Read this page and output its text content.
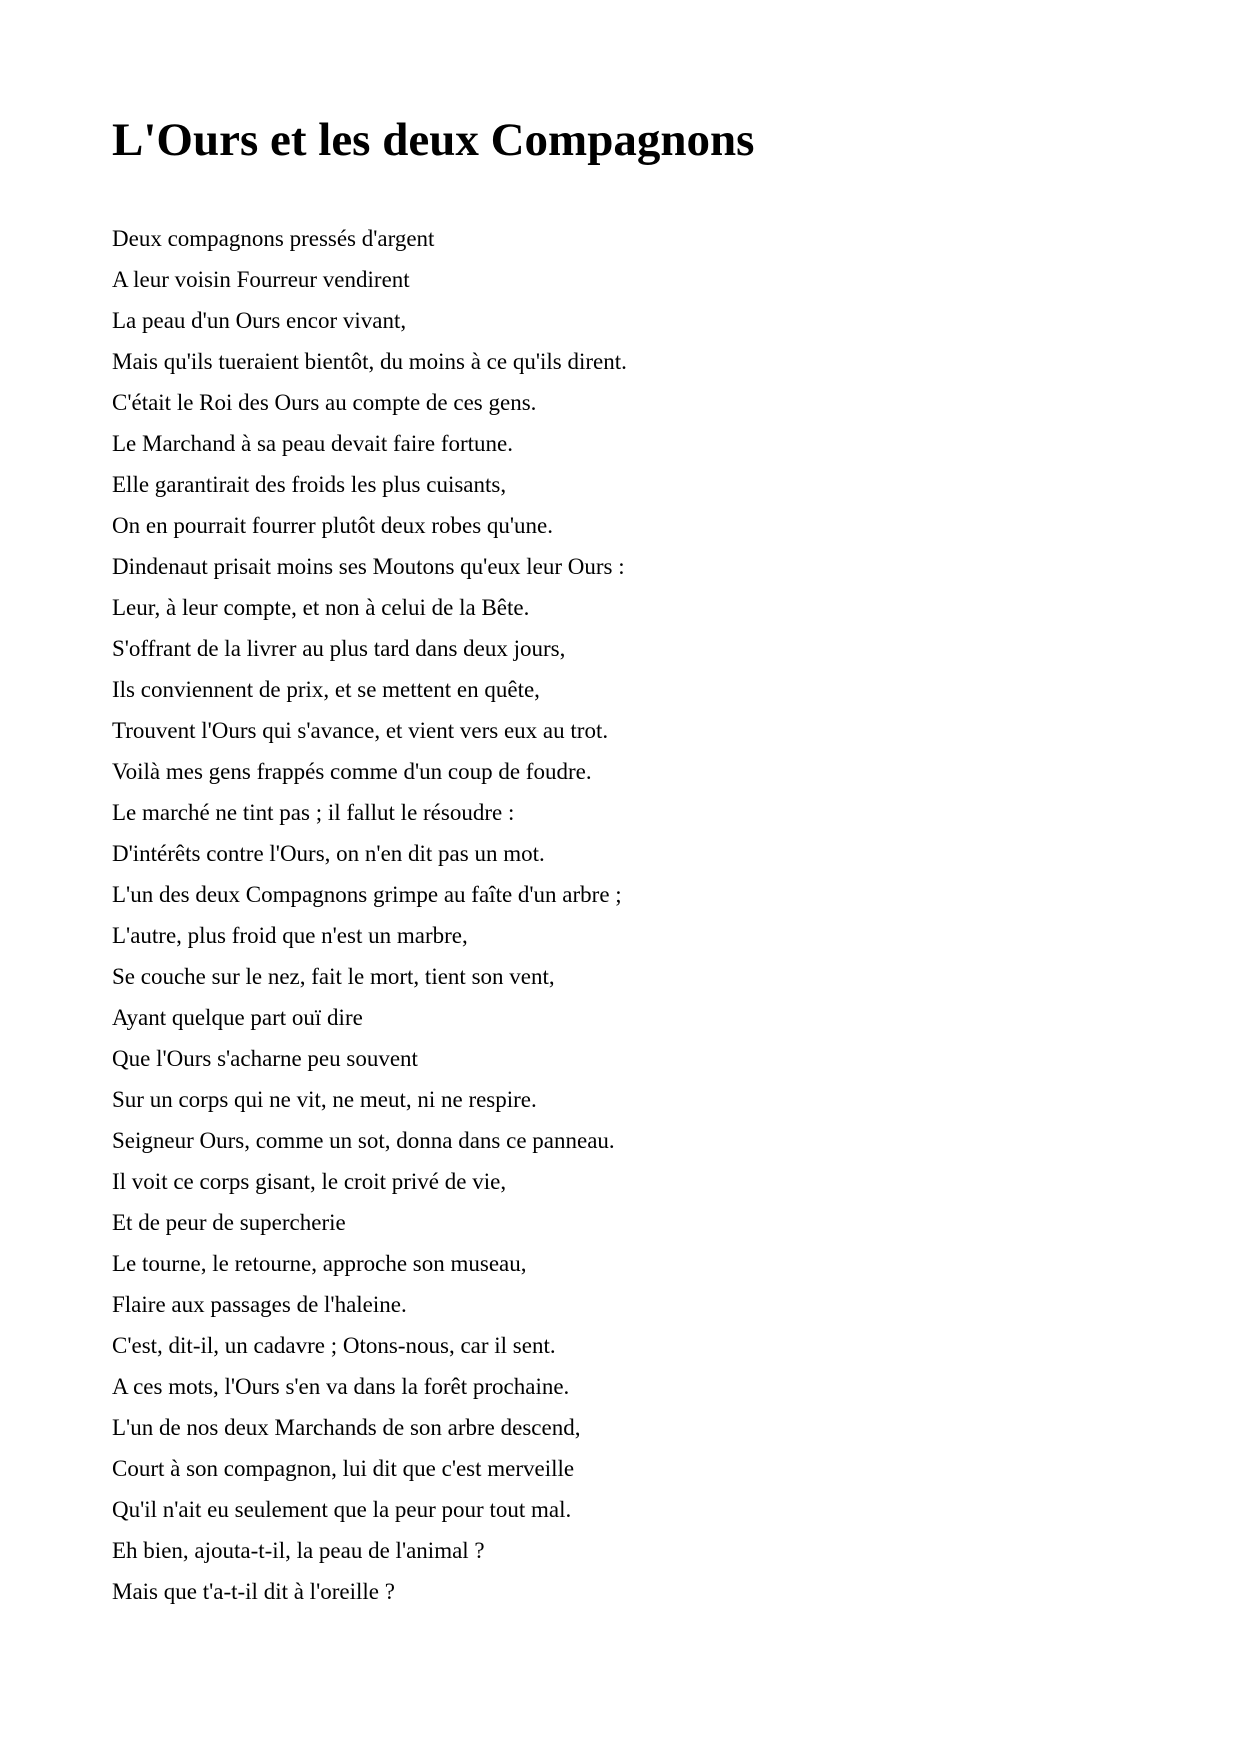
L'Ours et les deux Compagnons
Deux compagnons pressés d'argent
A leur voisin Fourreur vendirent
La peau d'un Ours encor vivant,
Mais qu'ils tueraient bientôt, du moins à ce qu'ils dirent.
C'était le Roi des Ours au compte de ces gens.
Le Marchand à sa peau devait faire fortune.
Elle garantirait des froids les plus cuisants,
On en pourrait fourrer plutôt deux robes qu'une.
Dindenaut prisait moins ses Moutons qu'eux leur Ours :
Leur, à leur compte, et non à celui de la Bête.
S'offrant de la livrer au plus tard dans deux jours,
Ils conviennent de prix, et se mettent en quête,
Trouvent l'Ours qui s'avance, et vient vers eux au trot.
Voilà mes gens frappés comme d'un coup de foudre.
Le marché ne tint pas ; il fallut le résoudre :
D'intérêts contre l'Ours, on n'en dit pas un mot.
L'un des deux Compagnons grimpe au faîte d'un arbre ;
L'autre, plus froid que n'est un marbre,
Se couche sur le nez, fait le mort, tient son vent,
Ayant quelque part ouï dire
Que l'Ours s'acharne peu souvent
Sur un corps qui ne vit, ne meut, ni ne respire.
Seigneur Ours, comme un sot, donna dans ce panneau.
Il voit ce corps gisant, le croit privé de vie,
Et de peur de supercherie
Le tourne, le retourne, approche son museau,
Flaire aux passages de l'haleine.
C'est, dit-il, un cadavre ; Otons-nous, car il sent.
A ces mots, l'Ours s'en va dans la forêt prochaine.
L'un de nos deux Marchands de son arbre descend,
Court à son compagnon, lui dit que c'est merveille
Qu'il n'ait eu seulement que la peur pour tout mal.
Eh bien, ajouta-t-il, la peau de l'animal ?
Mais que t'a-t-il dit à l'oreille ?
